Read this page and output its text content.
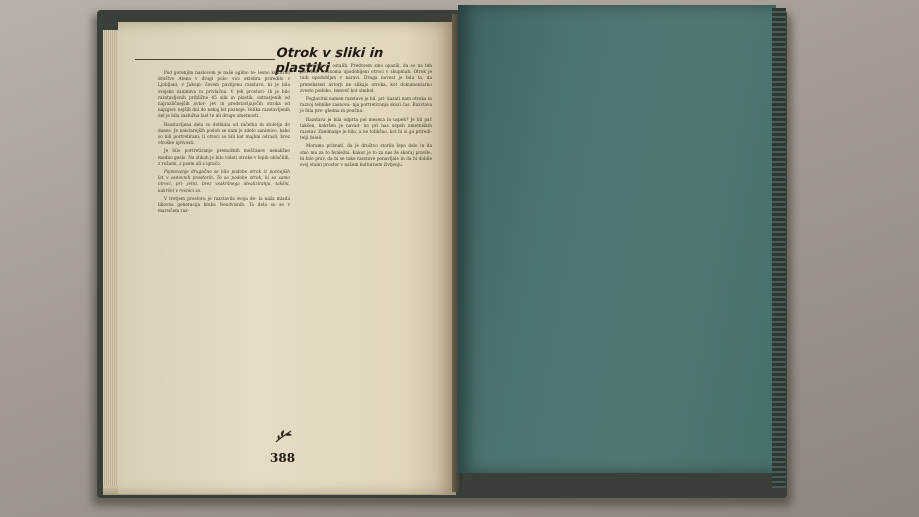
Otrok v sliki in plastiki

Pod gorenjim naslovom je naše agilno te- lesno kulturno društvo Atena v drugi polo- vici oktobra priredilo v Ljubljani, v Jakopi- čevem paviljonu razstavo, ki je bila svojsko zanimiva in privlačna. V ţeh prostori- ih je bilo razstavljenih približno 45 slik in plastik, ustvarjenih od najrazličnejših avtor- jev in predstavljajočih otroka od najzgod- nejših dni do nekaj let pozneje. Velika razstavljenih del je bila zaslužna last te ali druge umetnosti.

Razstavljena dela so dotikala od začetka in stoletja do danes. Je naistarejših podob se nam je zdelo zanimivo, kako so bili portretirani; ti otroci so bili kot majhni odrasli, brez otroške igrivosti.

Je bilo portretiranje premožnih meščanov nekakšno modno geslo. Na slikah je bilo videti otroke v lepih oblačilih, z rožami, z psom ali z igračo.

Pojmovanje drugačno se bilo podobe otrok iz poznejših let v osnovnih prostorih. To so podobe otrok, ki so samo otroci, pri- jetni, brez vsakršnega idealiziranja, takšni, kakršni v resnici so.

V tretjem prostoru je razstavila svoja de- la naša mlada likovna generacija kluba Neodvisnih. Ta dela so se v marsičem raz-

likovala od ostalih. Predvsem smo opazili, da so na teh podobah večinoma upodobljeni otroci v skupinah. Otrok je tudi upodobljen v naravi. Druga novost je bila ta, da prenekateri avtorji ne slikajo otroka, kot dokumentarno zvesto podobo, temveč kot simbol.

Poglavitni namen razstave je bil, pri- kazati nam otroka in razvoj tehnike zasnova- nja portretiranja skozi čas. Razstava je bila pre- gledna in poučna.

Razstava je bila odprta pol meseca in uspeh? Je bil pač takšen, kakršen je navad- no pri nas uspeh umetniških razstav. Zanimanje je bilo, a ne tolikšno, kot bi si ga priredi- telji želeli.

Moramo priznati, da je društvo storilo lepo delo in da smo mu za to hvaležni. Kakor je to za nas že skoraj pravilo, bi bilo prav, da bi se take razstave ponavljale in da bi dobile svoj stalni prostor v našem kulturnem življenju.

388
